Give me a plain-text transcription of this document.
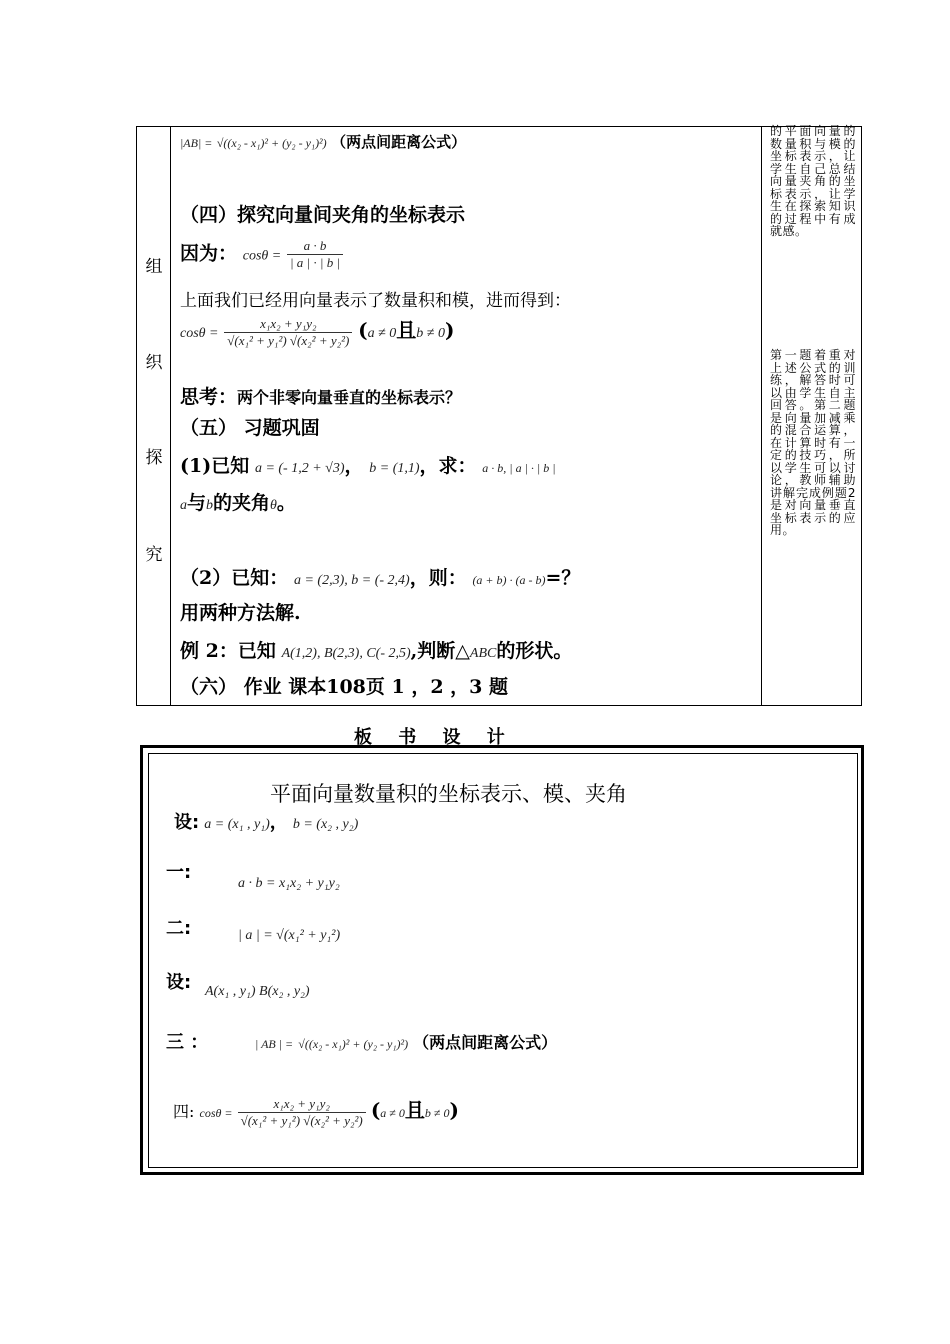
组
织
探
究
的平面向量的数量积与模的坐标表示，让学生自己总结向量夹角的坐标表示，让学生在探索知识的过程中有成就感。
第一题着重对上述公式的训练，解答时可以由学生自主回答。第二题是向量加减乘的混合运算，在计算时有一定的技巧，所以学生可以讨论，教师辅助讲解完成例题2是对向量垂直坐标表示的应用。
|AB| = √((x₂ - x₁)² + (y₂ - y₁)²) （两点间距离公式）
（四）探究向量间夹角的坐标表示
因为： $\cos\theta = \frac{a \cdot b}{| a | \cdot | b |}$
上面我们已经用向量表示了数量积和模，进而得到：
$\cos\theta = \frac{\text{x₁x₂ + y₁y₂}}{\text{√(x₁² + y₁²) √(x₂² + y₂²)}} (a \ne 0$且b ≠ 0)
思考：两个非零向量垂直的坐标表示？
（五） 习题巩固
(1)已知 a = (- 1,2 + √3)， b = (1,1)，求： a · b, | a | · | b |
a与b的夹角θ。
（2）已知： a = (2,3), b = (- 2,4)，则： (a + b) · (a - b)=？
用两种方法解.
例 2：已知 A(1,2), B(2,3), C(- 2,5),判断△ABC的形状。
（六） 作业 课本108页 1 ，2 ，3 题
板 书 设 计
平面向量数量积的坐标表示、模、夹角
设: a = (x₁ , y₁)， b = (x₂ , y₂)
一:
a · b = x₁x₂ + y₁y₂
二:	| a | = √(x₁² + y₁²)
设: A(x₁ , y₁) B(x₂ , y₂)
三 ：	| AB | = √((x₂ - x₁)² + (y₂ - y₁)²) （两点间距离公式）
四: $\cos\theta = \frac{\text{x₁x₂ + y₁y₂}}{\text{√(x₁² + y₁²) √(x₂² + y₂²)}} (a \ne 0$且b ≠ 0)
